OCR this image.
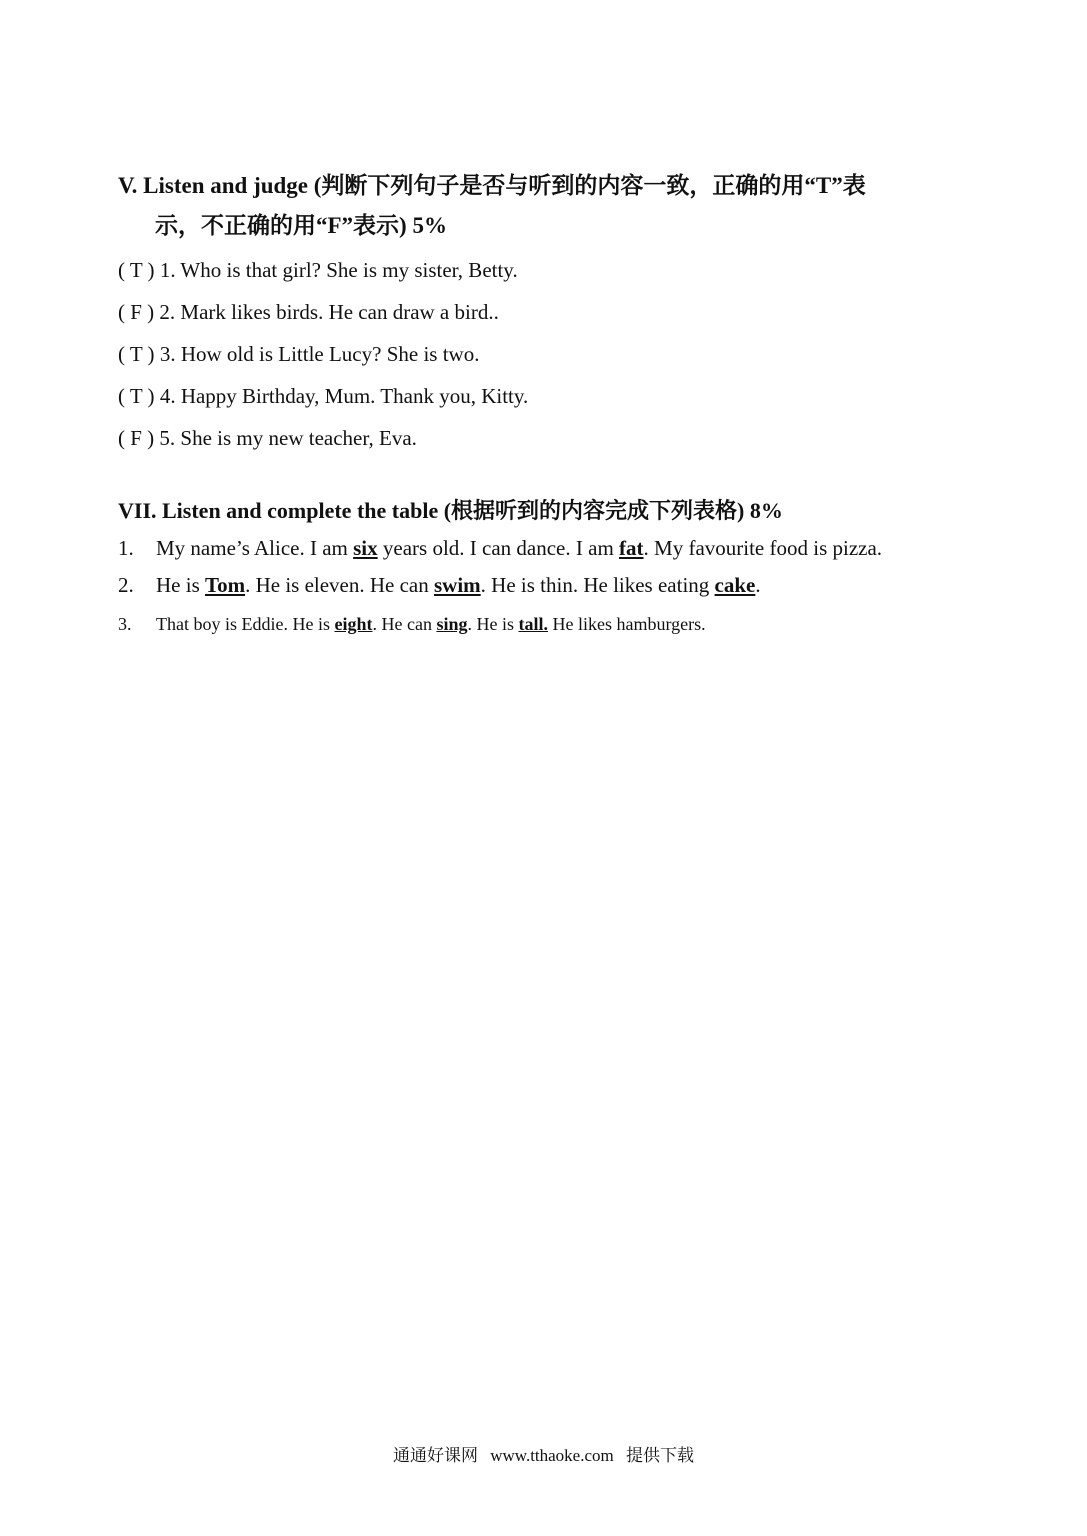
V. Listen and judge (判断下列句子是否与听到的内容一致，正确的用“T”表
示，不正确的用“F”表示) 5%
( T ) 1. Who is that girl? She is my sister, Betty.
( F ) 2. Mark likes birds. He can draw a bird..
( T ) 3. How old is Little Lucy? She is two.
( T ) 4. Happy Birthday, Mum. Thank you, Kitty.
( F ) 5. She is my new teacher, Eva.
VII. Listen and complete the table (根据听到的内容完成下列表格) 8%
1. My name’s Alice. I am six years old. I can dance. I am fat. My favourite food is pizza.
2. He is Tom. He is eleven. He can swim. He is thin. He likes eating cake.
3. That boy is Eddie. He is eight. He can sing. He is tall. He likes hamburgers.
通通好课网 www.tthaoke.com 提供下载
